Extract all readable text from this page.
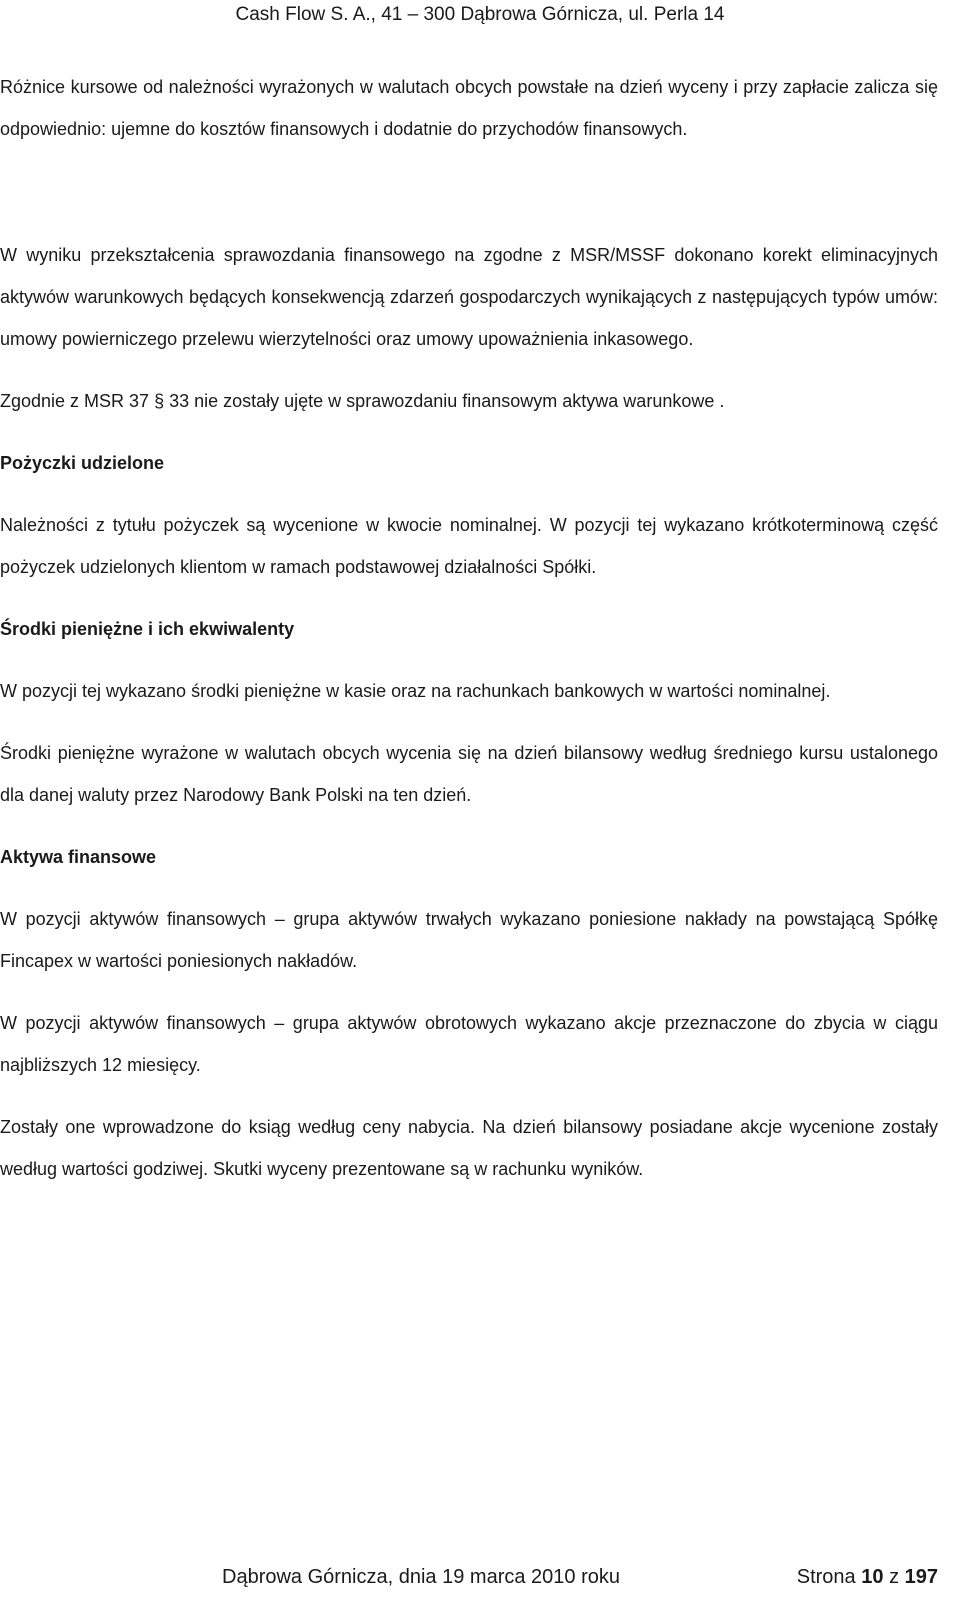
Cash Flow S. A., 41 – 300 Dąbrowa Górnicza, ul. Perla 14

Różnice kursowe od należności wyrażonych w walutach obcych powstałe na dzień wyceny i przy zapłacie zalicza się odpowiednio: ujemne do kosztów finansowych i dodatnie do przychodów finansowych.

W wyniku przekształcenia sprawozdania finansowego na zgodne z MSR/MSSF dokonano korekt eliminacyjnych aktywów warunkowych będących konsekwencją zdarzeń gospodarczych wynikających z następujących typów umów: umowy powierniczego przelewu wierzytelności oraz umowy upoważnienia inkasowego.

Zgodnie z MSR 37 § 33 nie zostały ujęte w sprawozdaniu finansowym aktywa warunkowe .

Pożyczki udzielone

Należności z tytułu pożyczek są wycenione w kwocie nominalnej. W pozycji tej wykazano krótkoterminową część pożyczek udzielonych klientom w ramach podstawowej działalności Spółki.

Środki pieniężne i ich ekwiwalenty

W pozycji tej wykazano środki pieniężne w kasie oraz na rachunkach bankowych w wartości nominalnej.

Środki pieniężne wyrażone w walutach obcych wycenia się na dzień bilansowy według średniego kursu ustalonego dla danej waluty przez Narodowy Bank Polski na ten dzień.

Aktywa finansowe

W pozycji aktywów finansowych – grupa aktywów trwałych wykazano poniesione nakłady na powstającą Spółkę Fincapex w wartości poniesionych nakładów.

W pozycji aktywów finansowych – grupa aktywów obrotowych wykazano akcje przeznaczone do zbycia w ciągu najbliższych 12 miesięcy.

Zostały one wprowadzone do ksiąg według ceny nabycia. Na dzień bilansowy posiadane akcje wycenione zostały według wartości godziwej. Skutki wyceny prezentowane są w rachunku wyników.

Dąbrowa Górnicza, dnia 19 marca 2010 roku	Strona 10 z 197
